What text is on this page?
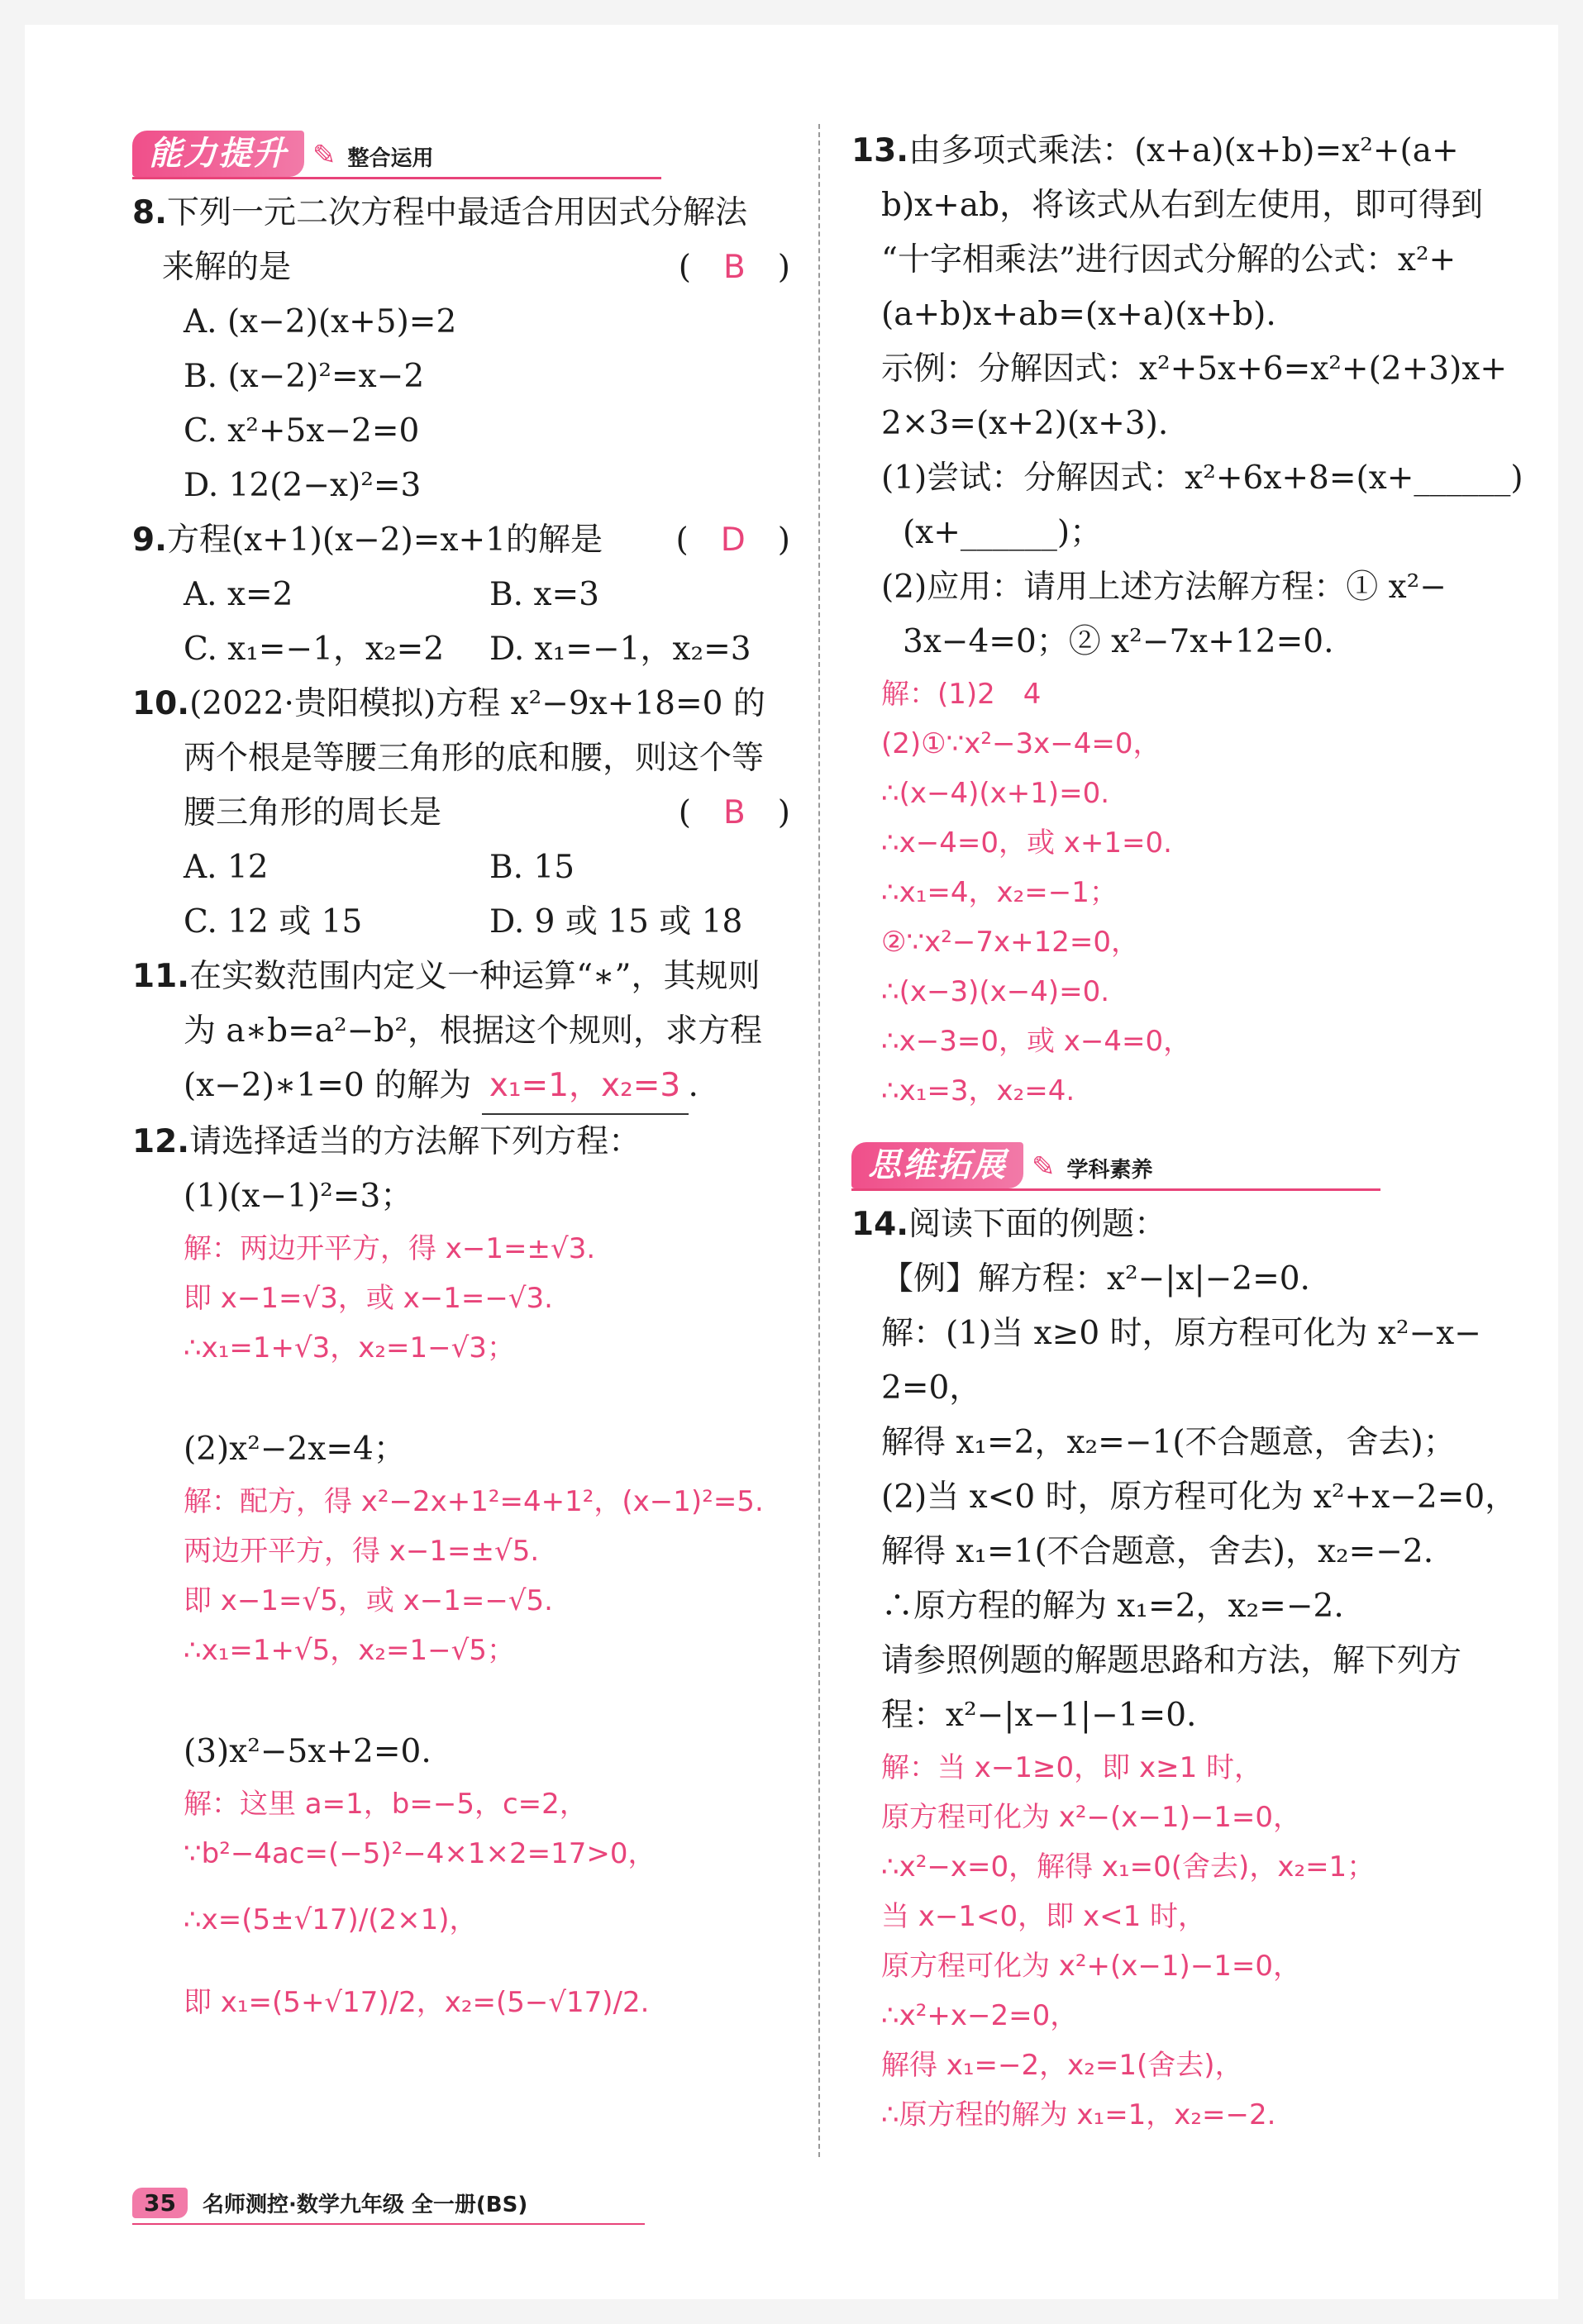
能力提升 ✎ 整合运用
8.下列一元二次方程中最适合用因式分解法
来解的是	(　B　)
A. (x−2)(x+5)=2
B. (x−2)²=x−2
C. x²+5x−2=0
D. 12(2−x)²=3
9.方程(x+1)(x−2)=x+1的解是 (　D　)
A. x=2	B. x=3
C. x₁=−1，x₂=2	D. x₁=−1，x₂=3
10.(2022·贵阳模拟)方程 x²−9x+18=0 的
两个根是等腰三角形的底和腰，则这个等
腰三角形的周长是	(　B　)
A. 12	B. 15
C. 12 或 15	D. 9 或 15 或 18
11.在实数范围内定义一种运算“∗”，其规则
为 a∗b=a²−b²，根据这个规则，求方程
(x−2)∗1=0 的解为 x₁=1，x₂=3 .
12.请选择适当的方法解下列方程：
(1)(x−1)²=3；
解：两边开平方，得 x−1=±√3.
即 x−1=√3，或 x−1=−√3.
∴x₁=1+√3，x₂=1−√3；
(2)x²−2x=4；
解：配方，得 x²−2x+1²=4+1²，(x−1)²=5.
两边开平方，得 x−1=±√5.
即 x−1=√5，或 x−1=−√5.
∴x₁=1+√5，x₂=1−√5；
(3)x²−5x+2=0.
解：这里 a=1，b=−5，c=2，
∵b²−4ac=(−5)²−4×1×2=17>0，
∴x=(5±√17)/(2×1)，
即 x₁=(5+√17)/2，x₂=(5−√17)/2.
13.由多项式乘法：(x+a)(x+b)=x²+(a+
b)x+ab，将该式从右到左使用，即可得到
“十字相乘法”进行因式分解的公式：x²+
(a+b)x+ab=(x+a)(x+b).
示例：分解因式：x²+5x+6=x²+(2+3)x+
2×3=(x+2)(x+3).
(1)尝试：分解因式：x²+6x+8=(x+______)
(x+______)；
(2)应用：请用上述方法解方程：① x²−
3x−4=0；② x²−7x+12=0.
解：(1)2　4
(2)①∵x²−3x−4=0，
∴(x−4)(x+1)=0.
∴x−4=0，或 x+1=0.
∴x₁=4，x₂=−1；
②∵x²−7x+12=0，
∴(x−3)(x−4)=0.
∴x−3=0，或 x−4=0，
∴x₁=3，x₂=4.
思维拓展 ✎ 学科素养
14.阅读下面的例题：
【例】解方程：x²−|x|−2=0.
解：(1)当 x≥0 时，原方程可化为 x²−x−
2=0，
解得 x₁=2，x₂=−1(不合题意，舍去)；
(2)当 x<0 时，原方程可化为 x²+x−2=0，
解得 x₁=1(不合题意，舍去)，x₂=−2.
∴原方程的解为 x₁=2，x₂=−2.
请参照例题的解题思路和方法，解下列方
程：x²−|x−1|−1=0.
解：当 x−1≥0，即 x≥1 时，
原方程可化为 x²−(x−1)−1=0，
∴x²−x=0，解得 x₁=0(舍去)，x₂=1；
当 x−1<0，即 x<1 时，
原方程可化为 x²+(x−1)−1=0，
∴x²+x−2=0，
解得 x₁=−2，x₂=1(舍去)，
∴原方程的解为 x₁=1，x₂=−2.
35	名师测控·数学九年级 全一册(BS)
